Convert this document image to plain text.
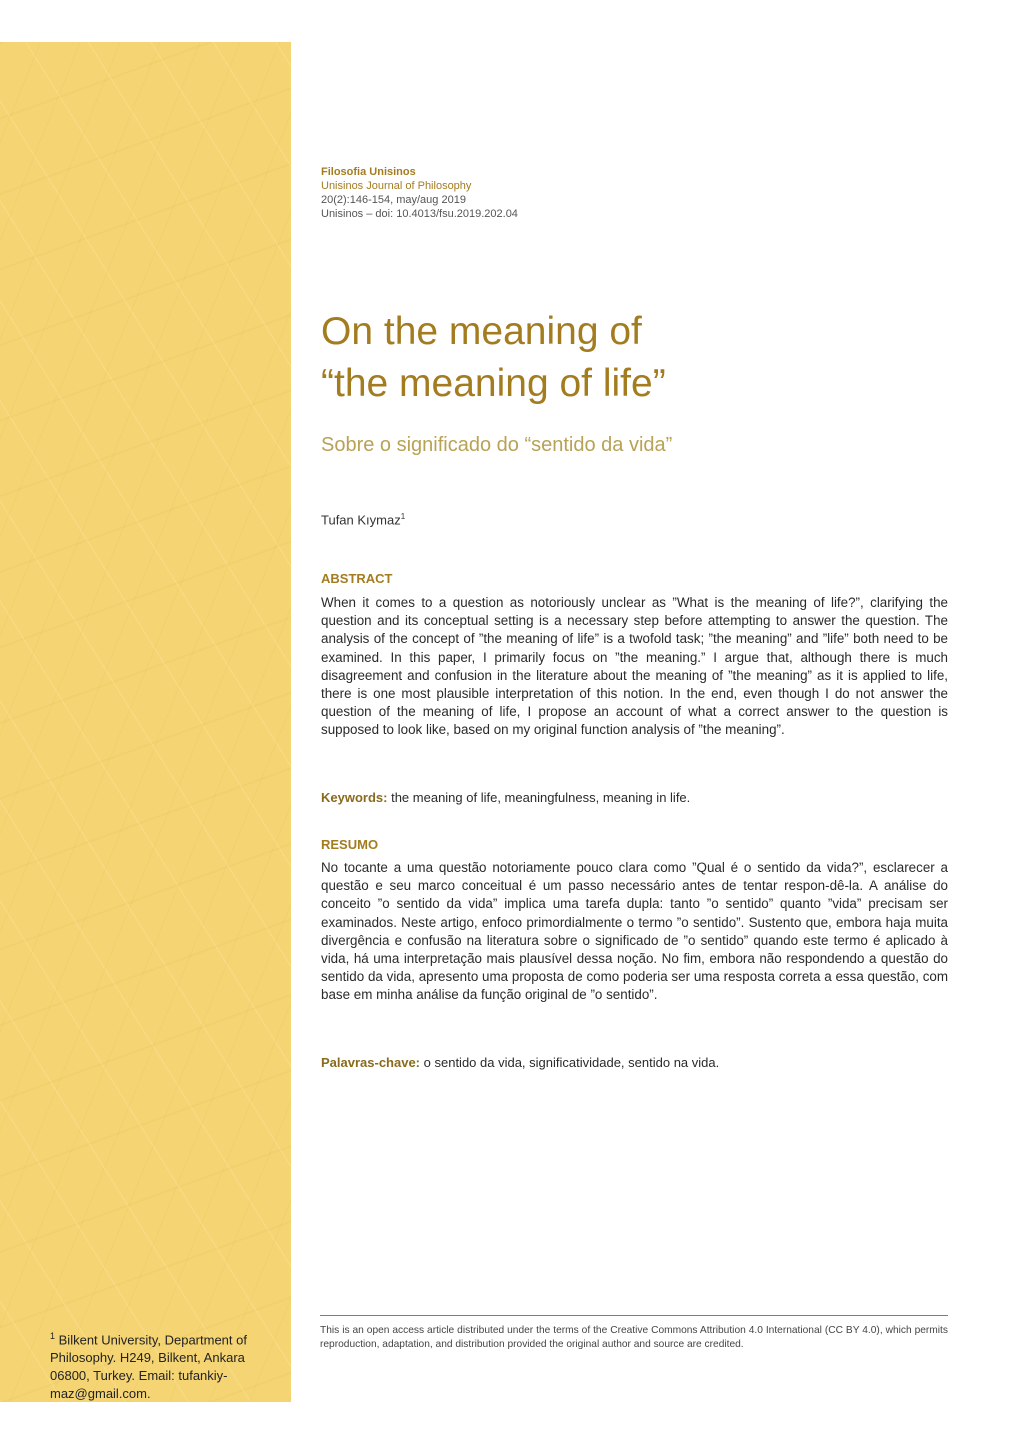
$^1$ Bilkent University, Department of Philosophy. H249, Bilkent, Ankara 06800, Turkey. Email: tufankiy-maz@gmail.com.
Filosofia Unisinos
Unisinos Journal of Philosophy
20(2):146-154, may/aug 2019
Unisinos – doi: 10.4013/fsu.2019.202.04
On the meaning of
“the meaning of life”
Sobre o significado do “sentido da vida”
Tufan Kıymaz$^1$
ABSTRACT

When it comes to a question as notoriously unclear as ”What is the meaning of life?”, clarifying the question and its conceptual setting is a necessary step before attempting to answer the question. The analysis of the concept of ”the meaning of life” is a twofold task; ”the meaning” and ”life” both need to be examined. In this paper, I primarily focus on ”the meaning.” I argue that, although there is much disagreement and confusion in the literature about the meaning of ”the meaning” as it is applied to life, there is one most plausible interpretation of this notion. In the end, even though I do not answer the question of the meaning of life, I propose an account of what a correct answer to the question is supposed to look like, based on my original function analysis of ”the meaning”.

Keywords: the meaning of life, meaningfulness, meaning in life.
RESUMO

No tocante a uma questão notoriamente pouco clara como ”Qual é o sentido da vida?”, esclarecer a questão e seu marco conceitual é um passo necessário antes de tentar respon-dê-la. A análise do conceito ”o sentido da vida” implica uma tarefa dupla: tanto ”o sentido” quanto ”vida” precisam ser examinados. Neste artigo, enfoco primordialmente o termo ”o sentido”. Sustento que, embora haja muita divergência e confusão na literatura sobre o significado de ”o sentido” quando este termo é aplicado à vida, há uma interpretação mais plausível dessa noção. No fim, embora não respondendo a questão do sentido da vida, apresento uma proposta de como poderia ser uma resposta correta a essa questão, com base em minha análise da função original de ”o sentido”.

Palavras-chave: o sentido da vida, significatividade, sentido na vida.

This is an open access article distributed under the terms of the Creative Commons Attribution 4.0 International (CC BY 4.0), which permits reproduction, adaptation, and distribution provided the original author and source are credited.
